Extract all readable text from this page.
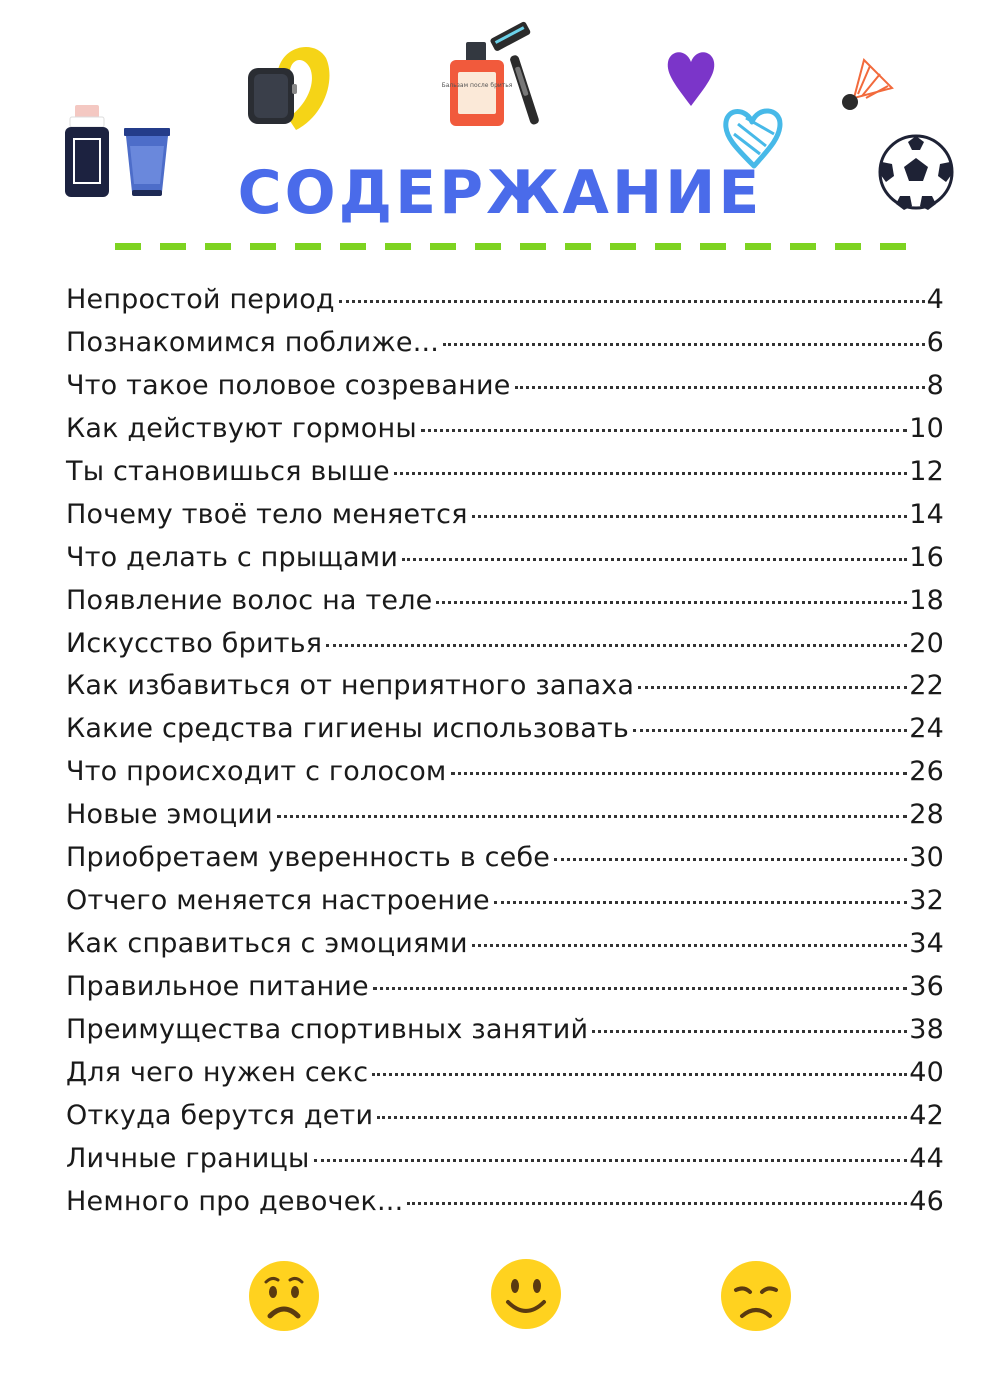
Бальзам после бритья
СОДЕРЖАНИЕ
Непростой период	4
Познакомимся поближе...	6
Что такое половое созревание	8
Как действуют гормоны	10
Ты становишься выше	12
Почему твоё тело меняется	14
Что делать с прыщами	16
Появление волос на теле	18
Искусство бритья	20
Как избавиться от неприятного запаха	22
Какие средства гигиены использовать	24
Что происходит с голосом	26
Новые эмоции	28
Приобретаем уверенность в себе	30
Отчего меняется настроение	32
Как справиться с эмоциями	34
Правильное питание	36
Преимущества спортивных занятий	38
Для чего нужен секс	40
Откуда берутся дети	42
Личные границы	44
Немного про девочек...	46
